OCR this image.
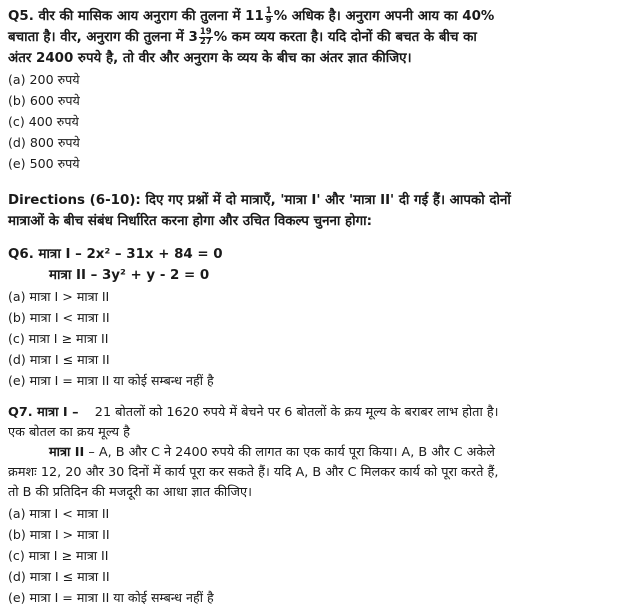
Q5. वीर की मासिक आय अनुराग की तुलना में $11 \frac{1}{9}$ % अधिक है। अनुराग अपनी आय का 40%
बचाता है। वीर, अनुराग की तुलना में $3 \frac{19}{27}$ % कम व्यय करता है। यदि दोनों की बचत के बीच का
अंतर 2400 रुपये है, तो वीर और अनुराग के व्यय के बीच का अंतर ज्ञात कीजिए।
(a) 200 रुपये
(b) 600 रुपये
(c) 400 रुपये
(d) 800 रुपये
(e) 500 रुपये
Directions (6-10): दिए गए प्रश्नों में दो मात्राएँ, 'मात्रा I' और 'मात्रा II' दी गई हैं। आपको दोनों
मात्राओं के बीच संबंध निर्धारित करना होगा और उचित विकल्प चुनना होगा:
Q6. मात्रा I – 2x² – 31x + 84 = 0
मात्रा II – 3y² + y - 2 = 0
(a) मात्रा I > मात्रा II
(b) मात्रा I < मात्रा II
(c) मात्रा I ≥ मात्रा II
(d) मात्रा I ≤ मात्रा II
(e) मात्रा I = मात्रा II या कोई सम्बन्ध नहीं है
Q7. मात्रा I – 21 बोतलों को 1620 रुपये में बेचने पर 6 बोतलों के क्रय मूल्य के बराबर लाभ होता है।
एक बोतल का क्रय मूल्य है
मात्रा II – A, B और C ने 2400 रुपये की लागत का एक कार्य पूरा किया। A, B और C अकेले
क्रमशः 12, 20 और 30 दिनों में कार्य पूरा कर सकते हैं। यदि A, B और C मिलकर कार्य को पूरा करते हैं,
तो B की प्रतिदिन की मजदूरी का आधा ज्ञात कीजिए।
(a) मात्रा I < मात्रा II
(b) मात्रा I > मात्रा II
(c) मात्रा I ≥ मात्रा II
(d) मात्रा I ≤ मात्रा II
(e) मात्रा I = मात्रा II या कोई सम्बन्ध नहीं है
